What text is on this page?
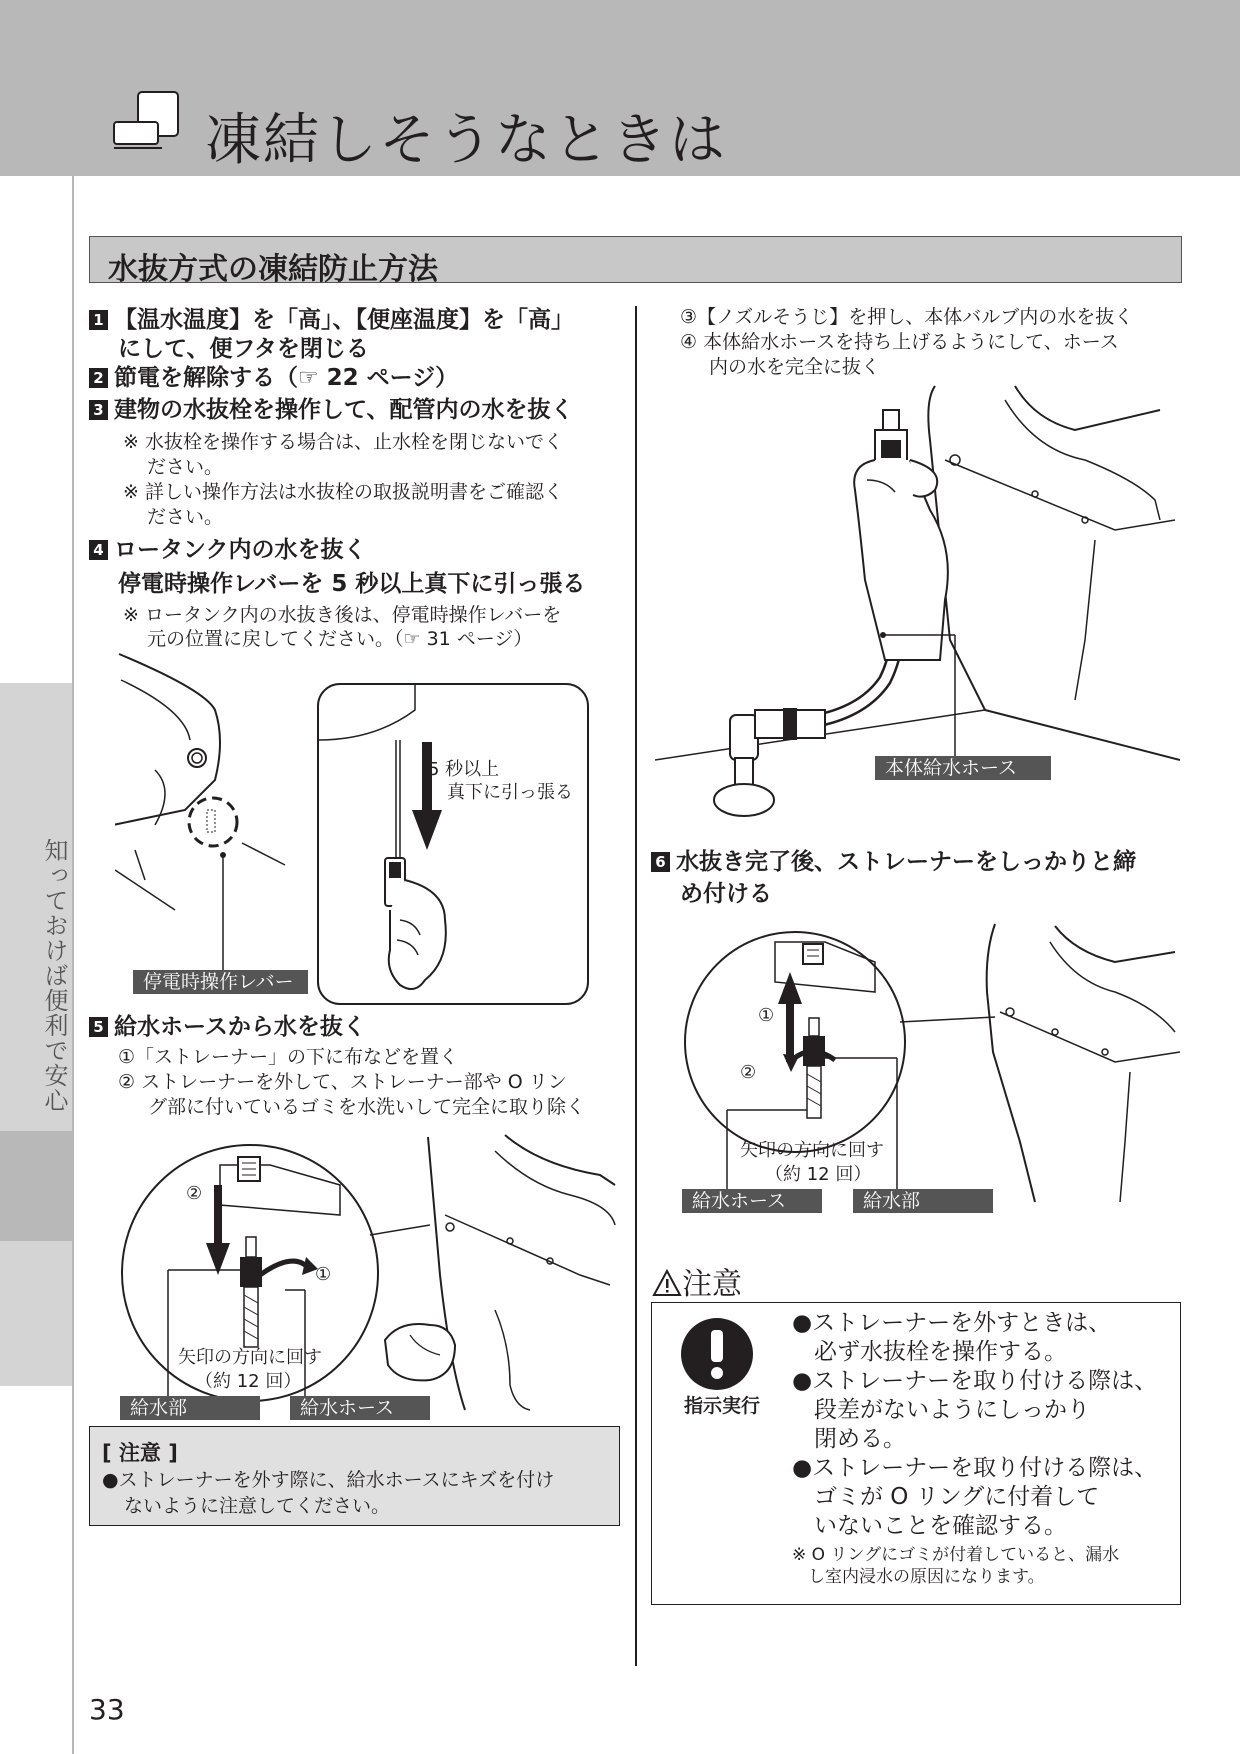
凍結しそうなときは
知っておけば便利で安心
水抜方式の凍結防止方法
1 【温水温度】を「高」、【便座温度】を「高」
にして、便フタを閉じる
2 節電を解除する（☞ 22 ページ）
3 建物の水抜栓を操作して、配管内の水を抜く
※ 水抜栓を操作する場合は、止水栓を閉じないでく
ださい。
※ 詳しい操作方法は水抜栓の取扱説明書をご確認く
ださい。
4 ロータンク内の水を抜く
停電時操作レバーを 5 秒以上真下に引っ張る
※ ロータンク内の水抜き後は、停電時操作レバーを
元の位置に戻してください。（☞ 31 ページ）
5 秒以上
真下に引っ張る
停電時操作レバー
5 給水ホースから水を抜く
①「ストレーナー」の下に布などを置く
② ストレーナーを外して、ストレーナー部や O リン
グ部に付いているゴミを水洗いして完全に取り除く
②
①
矢印の方向に回す
（約 12 回）
給水部	給水ホース
[ 注意 ]
●ストレーナーを外す際に、給水ホースにキズを付け
ないように注意してください。
③【ノズルそうじ】を押し、本体バルブ内の水を抜く
④ 本体給水ホースを持ち上げるようにして、ホース
内の水を完全に抜く
本体給水ホース
6 水抜き完了後、ストレーナーをしっかりと締
め付ける
①
②
矢印の方向に回す
（約 12 回）
給水ホース	給水部
注意
指示実行
●ストレーナーを外すときは、
必ず水抜栓を操作する。
●ストレーナーを取り付ける際は、
段差がないようにしっかり
閉める。
●ストレーナーを取り付ける際は、
ゴミが O リングに付着して
いないことを確認する。
※ O リングにゴミが付着していると、漏水
し室内浸水の原因になります。
33
